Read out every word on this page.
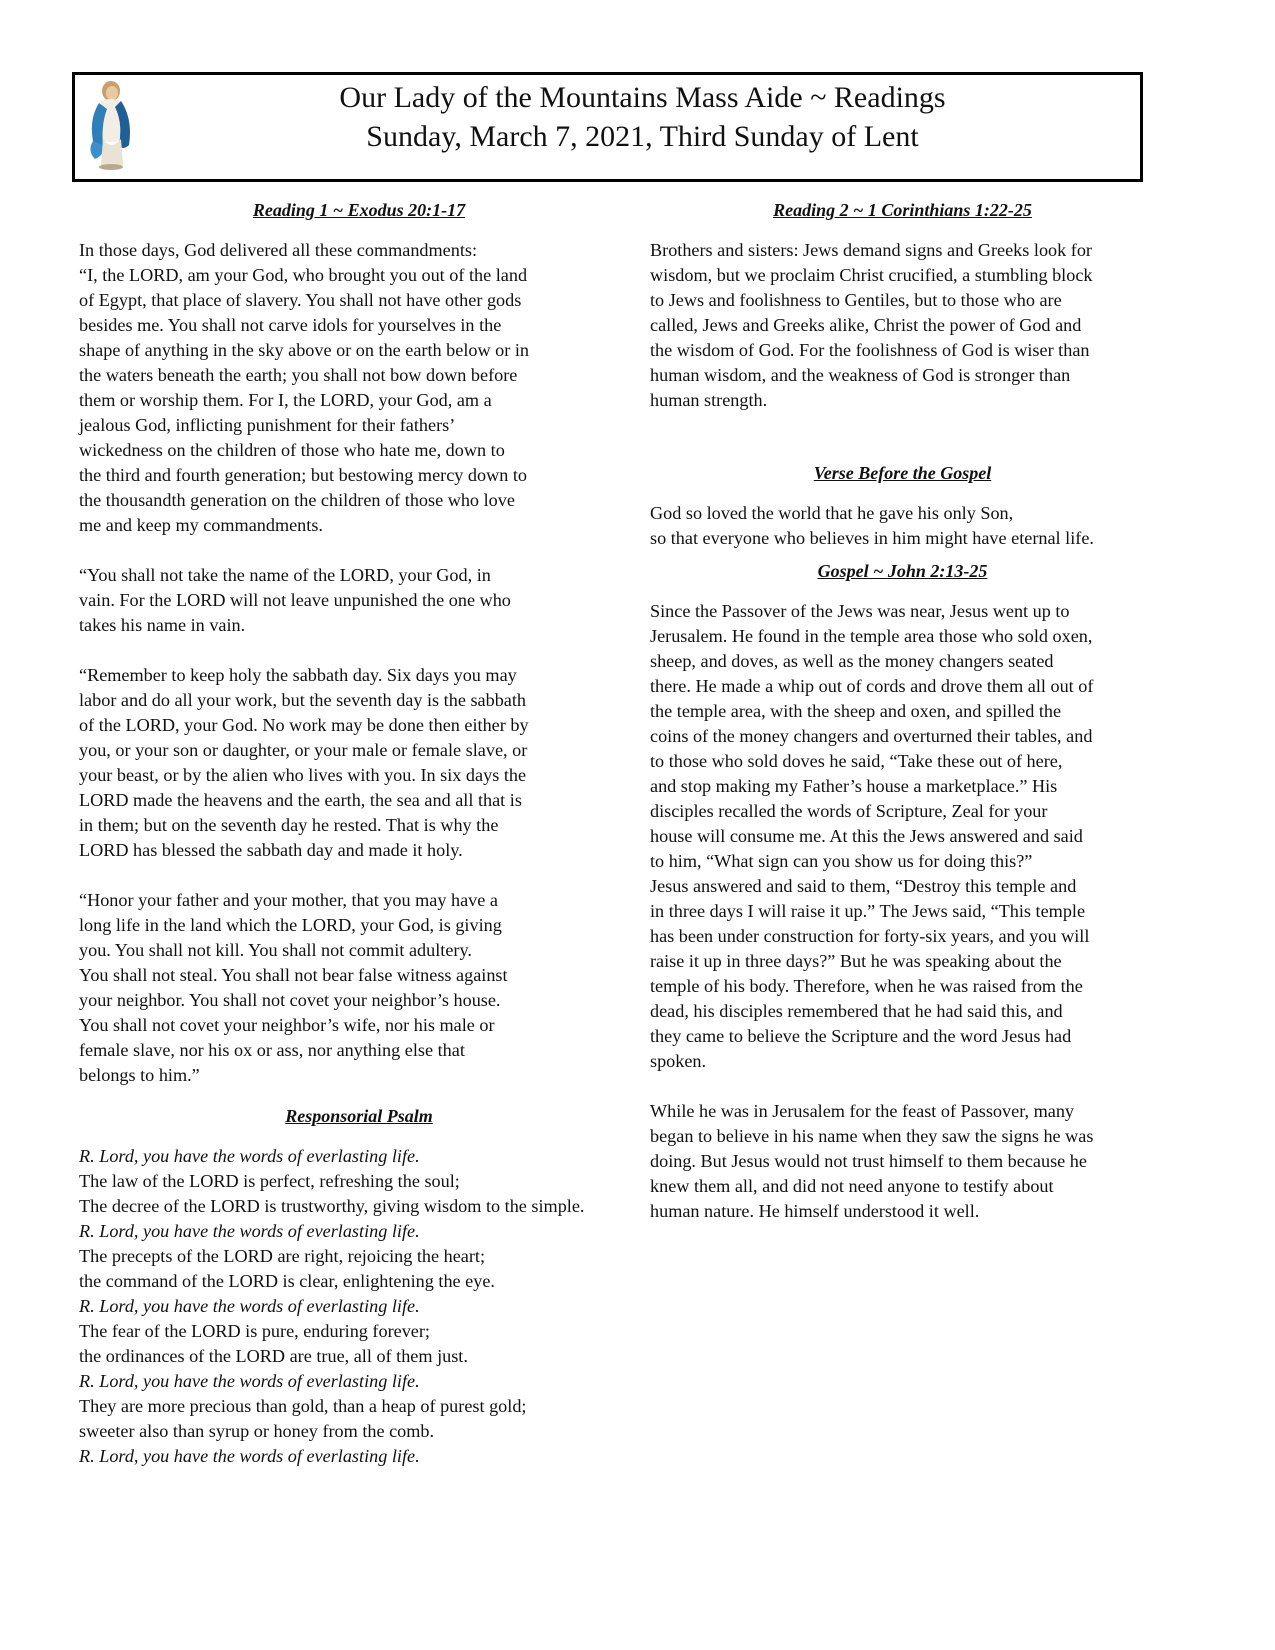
Our Lady of the Mountains Mass Aide ~ Readings
Sunday, March 7, 2021, Third Sunday of Lent

Reading 1 ~ Exodus 20:1-17

In those days, God delivered all these commandments:
“I, the LORD, am your God, who brought you out of the land
of Egypt, that place of slavery. You shall not have other gods
besides me. You shall not carve idols for yourselves in the
shape of anything in the sky above or on the earth below or in
the waters beneath the earth; you shall not bow down before
them or worship them. For I, the LORD, your God, am a
jealous God, inflicting punishment for their fathers’
wickedness on the children of those who hate me, down to
the third and fourth generation; but bestowing mercy down to
the thousandth generation on the children of those who love
me and keep my commandments.

“You shall not take the name of the LORD, your God, in
vain. For the LORD will not leave unpunished the one who
takes his name in vain.

“Remember to keep holy the sabbath day. Six days you may
labor and do all your work, but the seventh day is the sabbath
of the LORD, your God. No work may be done then either by
you, or your son or daughter, or your male or female slave, or
your beast, or by the alien who lives with you. In six days the
LORD made the heavens and the earth, the sea and all that is
in them; but on the seventh day he rested. That is why the
LORD has blessed the sabbath day and made it holy.

“Honor your father and your mother, that you may have a
long life in the land which the LORD, your God, is giving
you. You shall not kill. You shall not commit adultery.
You shall not steal. You shall not bear false witness against
your neighbor. You shall not covet your neighbor’s house.
You shall not covet your neighbor’s wife, nor his male or
female slave, nor his ox or ass, nor anything else that
belongs to him.”

Responsorial Psalm

R. Lord, you have the words of everlasting life.

The law of the LORD is perfect, refreshing the soul;

The decree of the LORD is trustworthy, giving wisdom to the simple.

R. Lord, you have the words of everlasting life.

The precepts of the LORD are right, rejoicing the heart;

the command of the LORD is clear, enlightening the eye.

R. Lord, you have the words of everlasting life.

The fear of the LORD is pure, enduring forever;

the ordinances of the LORD are true, all of them just.

R. Lord, you have the words of everlasting life.

They are more precious than gold, than a heap of purest gold;

sweeter also than syrup or honey from the comb.

R. Lord, you have the words of everlasting life.

Reading 2 ~ 1 Corinthians 1:22-25

Brothers and sisters: Jews demand signs and Greeks look for
wisdom, but we proclaim Christ crucified, a stumbling block
to Jews and foolishness to Gentiles, but to those who are
called, Jews and Greeks alike, Christ the power of God and
the wisdom of God. For the foolishness of God is wiser than
human wisdom, and the weakness of God is stronger than
human strength.

Verse Before the Gospel

God so loved the world that he gave his only Son,
so that everyone who believes in him might have eternal life.

Gospel ~ John 2:13-25

Since the Passover of the Jews was near, Jesus went up to
Jerusalem. He found in the temple area those who sold oxen,
sheep, and doves, as well as the money changers seated
there. He made a whip out of cords and drove them all out of
the temple area, with the sheep and oxen, and spilled the
coins of the money changers and overturned their tables, and
to those who sold doves he said, “Take these out of here,
and stop making my Father’s house a marketplace.” His
disciples recalled the words of Scripture, Zeal for your
house will consume me. At this the Jews answered and said
to him, “What sign can you show us for doing this?”
Jesus answered and said to them, “Destroy this temple and
in three days I will raise it up.” The Jews said, “This temple
has been under construction for forty-six years, and you will
raise it up in three days?” But he was speaking about the
temple of his body. Therefore, when he was raised from the
dead, his disciples remembered that he had said this, and
they came to believe the Scripture and the word Jesus had
spoken.

While he was in Jerusalem for the feast of Passover, many
began to believe in his name when they saw the signs he was
doing. But Jesus would not trust himself to them because he
knew them all, and did not need anyone to testify about
human nature. He himself understood it well.
